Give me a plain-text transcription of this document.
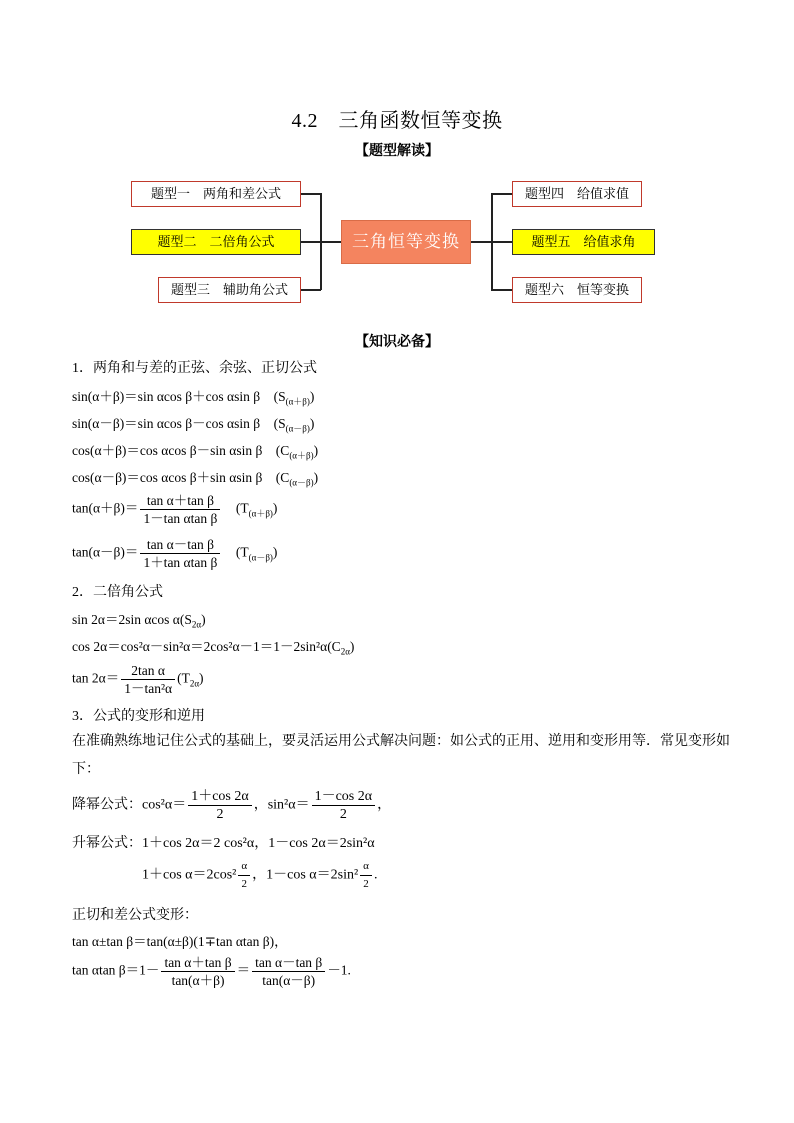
4.2　三角函数恒等变换
【题型解读】
题型一　两角和差公式
题型二　二倍角公式
题型三　辅助角公式
题型四　给值求值
题型五　给值求角
题型六　恒等变换
三角恒等变换
【知识必备】
1．两角和与差的正弦、余弦、正切公式
sin(α＋β)＝sin αcos β＋cos αsin β　$(S_{(\alpha+\beta)})$
sin(α－β)＝sin αcos β－cos αsin β　$(S_{(\alpha-\beta)})$
cos(α＋β)＝cos αcos β－sin αsin β　$(C_{(\alpha+\beta)})$
cos(α－β)＝cos αcos β＋sin αsin β　$(C_{(\alpha-\beta)})$
$\tan(\alpha+\beta)= \frac{\text{tan α＋tan β}}{\text{1－tan αtan β}}$ 　$(T_{(\alpha+\beta)})$
$\tan(\alpha-\beta)= \frac{\text{tan α－tan β}}{\text{1＋tan αtan β}}$ 　$(T_{(\alpha-\beta)})$
2．二倍角公式
sin 2α＝2sin αcos $\alpha(S_{2\alpha})$
$\cos 2\alpha=\cos^2\alpha-\sin^2\alpha=2\cos^2\alpha-1=1-2\sin^2\alpha(C_{2\alpha})$
$\tan 2\alpha= \frac{\text{2tan α}}{\text{1－tan²α}} (T_{2\alpha})$
3．公式的变形和逆用
在准确熟练地记住公式的基础上，要灵活运用公式解决问题：如公式的正用、逆用和变形用等．常见变形如下：
降幂公式：$\cos^2\alpha= \frac{1+\cos 2\alpha}{2}$ ，$\sin^2\alpha= \frac{1-\cos 2\alpha}{2}$ ，
升幂公式：1＋cos 2α＝2 cos²α，1－cos 2α＝2sin²α
1＋cos $\alpha=2\cos^2 \frac{\alpha}{2}$ ，1－cos $\alpha=2\sin^2 \frac{\alpha}{2}$ .
正切和差公式变形：
tan α±tan β＝tan(α±β)(1∓tan αtan β)，
tan αtan $\beta=1- \frac{\text{tan α＋tan β}}{\tan(\alpha+\beta)} = \frac{\text{tan α－tan β}}{\tan(\alpha-\beta)} -1$.
